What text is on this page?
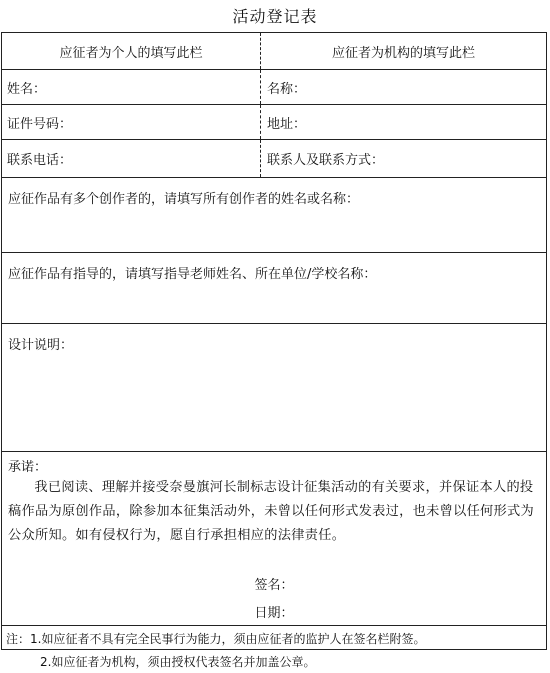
活动登记表
应征者为个人的填写此栏	应征者为机构的填写此栏
姓名：	名称：
证件号码：	地址：
联系电话：	联系人及联系方式：
应征作品有多个创作者的，请填写所有创作者的姓名或名称：
应征作品有指导的，请填写指导老师姓名、所在单位/学校名称：
设计说明：
承诺：
我已阅读、理解并接受奈曼旗河长制标志设计征集活动的有关要求，并保证本人的投稿作品为原创作品，除参加本征集活动外，未曾以任何形式发表过，也未曾以任何形式为公众所知。如有侵权行为，愿自行承担相应的法律责任。
签名：
日期：
注：1.如应征者不具有完全民事行为能力，须由应征者的监护人在签名栏附签。
2.如应征者为机构，须由授权代表签名并加盖公章。
